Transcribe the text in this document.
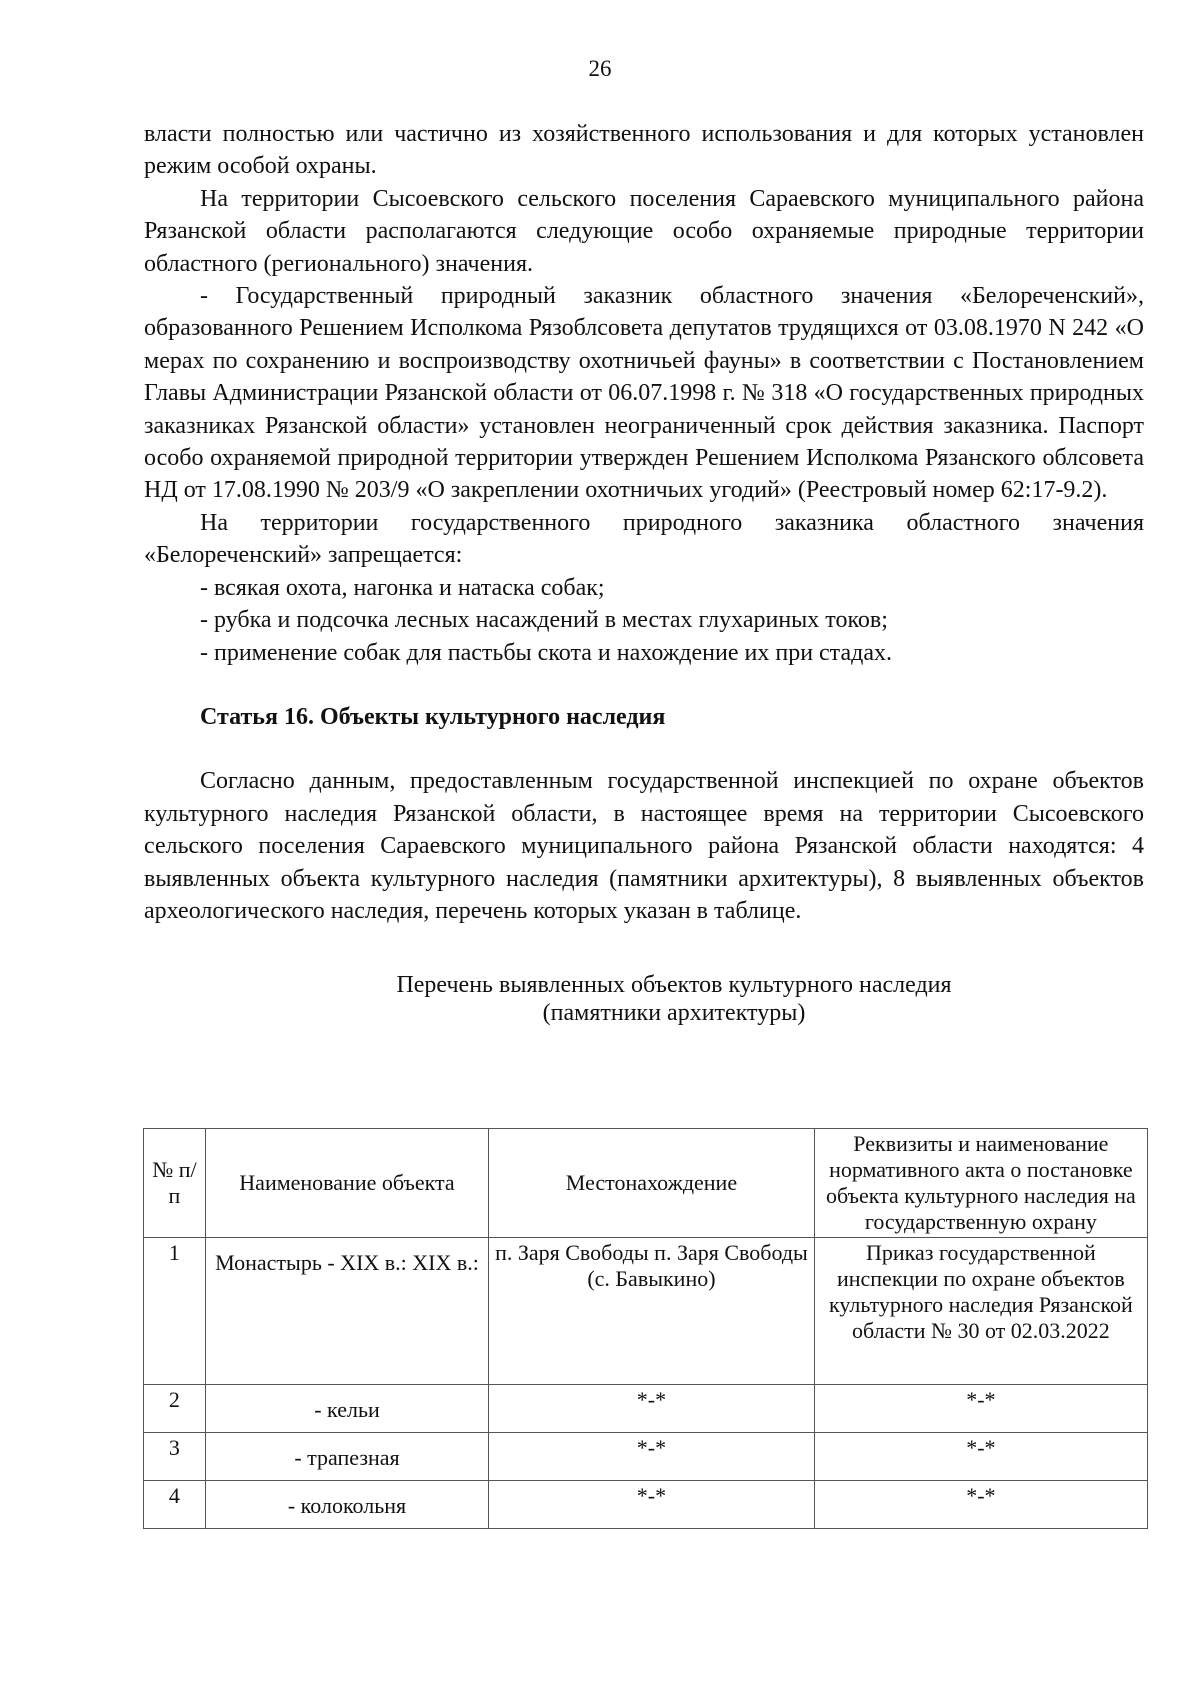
26

власти полностью или частично из хозяйственного использования и для которых установлен режим особой охраны.

На территории Сысоевского сельского поселения Сараевского муниципального района Рязанской области располагаются следующие особо охраняемые природные территории областного (регионального) значения.

- Государственный природный заказник областного значения «Белореченский», образованного Решением Исполкома Рязоблсовета депутатов трудящихся от 03.08.1970 N 242 «О мерах по сохранению и воспроизводству охотничьей фауны» в соответствии с Постановлением Главы Администрации Рязанской области от 06.07.1998 г. № 318 «О государственных природных заказниках Рязанской области» установлен неограниченный срок действия заказника. Паспорт особо охраняемой природной территории утвержден Решением Исполкома Рязанского облсовета НД от 17.08.1990 № 203/9 «О закреплении охотничьих угодий» (Реестровый номер 62:17-9.2).

На территории государственного природного заказника областного значения «Белореченский» запрещается:

- всякая охота, нагонка и натаска собак;

- рубка и подсочка лесных насаждений в местах глухариных токов;

- применение собак для пастьбы скота и нахождение их при стадах.

Статья 16. Объекты культурного наследия

Согласно данным, предоставленным государственной инспекцией по охране объектов культурного наследия Рязанской области, в настоящее время на территории Сысоевского сельского поселения Сараевского муниципального района Рязанской области находятся: 4 выявленных объекта культурного наследия (памятники архитектуры), 8 выявленных объектов археологического наследия, перечень которых указан в таблице.

Перечень выявленных объектов культурного наследия
(памятники архитектуры)

№ п/п	Наименование объекта	Местонахождение	Реквизиты и наименование нормативного акта о постановке объекта культурного наследия на государственную охрану
1	Монастырь - XIX в.: XIX в.:	п. Заря Свободы п. Заря Свободы (с. Бавыкино)	Приказ государственной инспекции по охране объектов культурного наследия Рязанской области № 30 от 02.03.2022
2	- кельи	*-*	*-*
3	- трапезная	*-*	*-*
4	- колокольня	*-*	*-*
